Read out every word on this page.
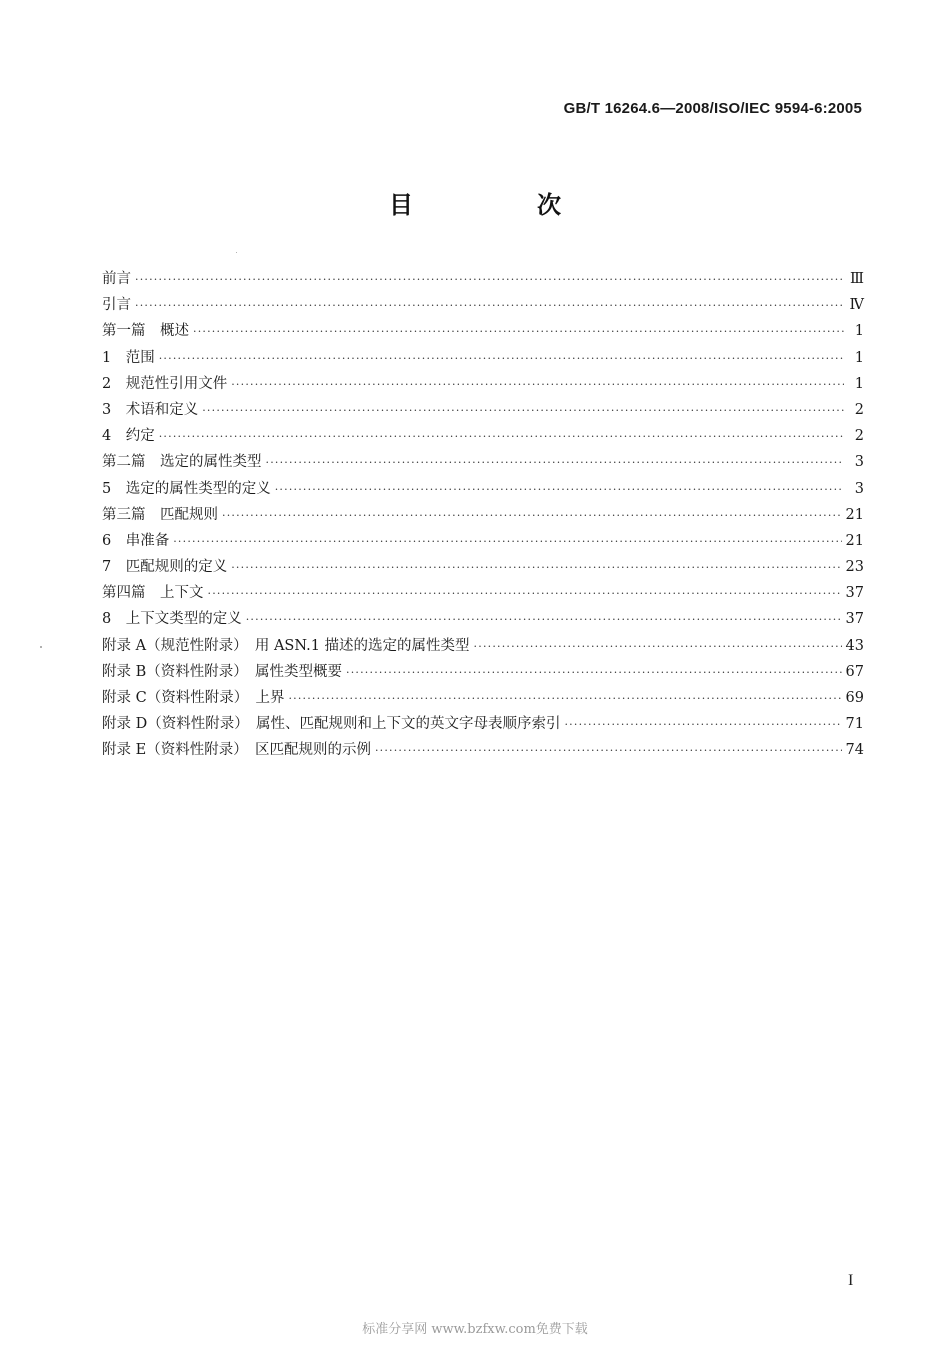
GB/T 16264.6—2008/ISO/IEC 9594-6:2005
目　次
前言 ·····	Ⅲ
引言 ·····	Ⅳ
第一篇　概述 ·····	1
1　范围 ·····	1
2　规范性引用文件 ·····	1
3　术语和定义 ·····	2
4　约定 ·····	2
第二篇　选定的属性类型 ·····	3
5　选定的属性类型的定义 ·····	3
第三篇　匹配规则 ·····	21
6　串准备 ·····	21
7　匹配规则的定义 ·····	23
第四篇　上下文 ·····	37
8　上下文类型的定义 ·····	37
附录 A（规范性附录）　用 ASN.1 描述的选定的属性类型 ·····	43
附录 B（资料性附录）　属性类型概要 ·····	67
附录 C（资料性附录）　上界 ·····	69
附录 D（资料性附录）　属性、匹配规则和上下文的英文字母表顺序索引 ·····	71
附录 E（资料性附录）　区匹配规则的示例 ·····	74
I
标准分享网 www.bzfxw.com免费下载
